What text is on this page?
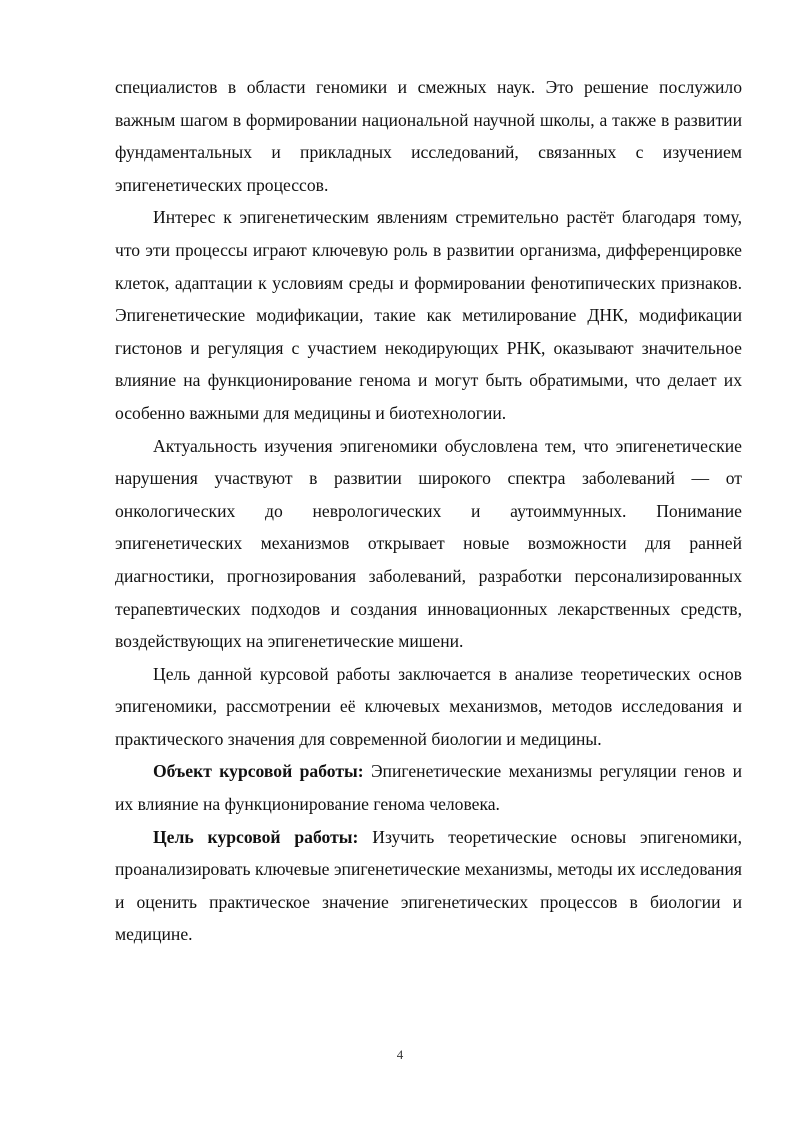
специалистов в области геномики и смежных наук. Это решение послужило важным шагом в формировании национальной научной школы, а также в развитии фундаментальных и прикладных исследований, связанных с изучением эпигенетических процессов.

Интерес к эпигенетическим явлениям стремительно растёт благодаря тому, что эти процессы играют ключевую роль в развитии организма, дифференцировке клеток, адаптации к условиям среды и формировании фенотипических признаков. Эпигенетические модификации, такие как метилирование ДНК, модификации гистонов и регуляция с участием некодирующих РНК, оказывают значительное влияние на функционирование генома и могут быть обратимыми, что делает их особенно важными для медицины и биотехнологии.

Актуальность изучения эпигеномики обусловлена тем, что эпигенетические нарушения участвуют в развитии широкого спектра заболеваний — от онкологических до неврологических и аутоиммунных. Понимание эпигенетических механизмов открывает новые возможности для ранней диагностики, прогнозирования заболеваний, разработки персонализированных терапевтических подходов и создания инновационных лекарственных средств, воздействующих на эпигенетические мишени.

Цель данной курсовой работы заключается в анализе теоретических основ эпигеномики, рассмотрении её ключевых механизмов, методов исследования и практического значения для современной биологии и медицины.

Объект курсовой работы: Эпигенетические механизмы регуляции генов и их влияние на функционирование генома человека.

Цель курсовой работы: Изучить теоретические основы эпигеномики, проанализировать ключевые эпигенетические механизмы, методы их исследования и оценить практическое значение эпигенетических процессов в биологии и медицине.

4
